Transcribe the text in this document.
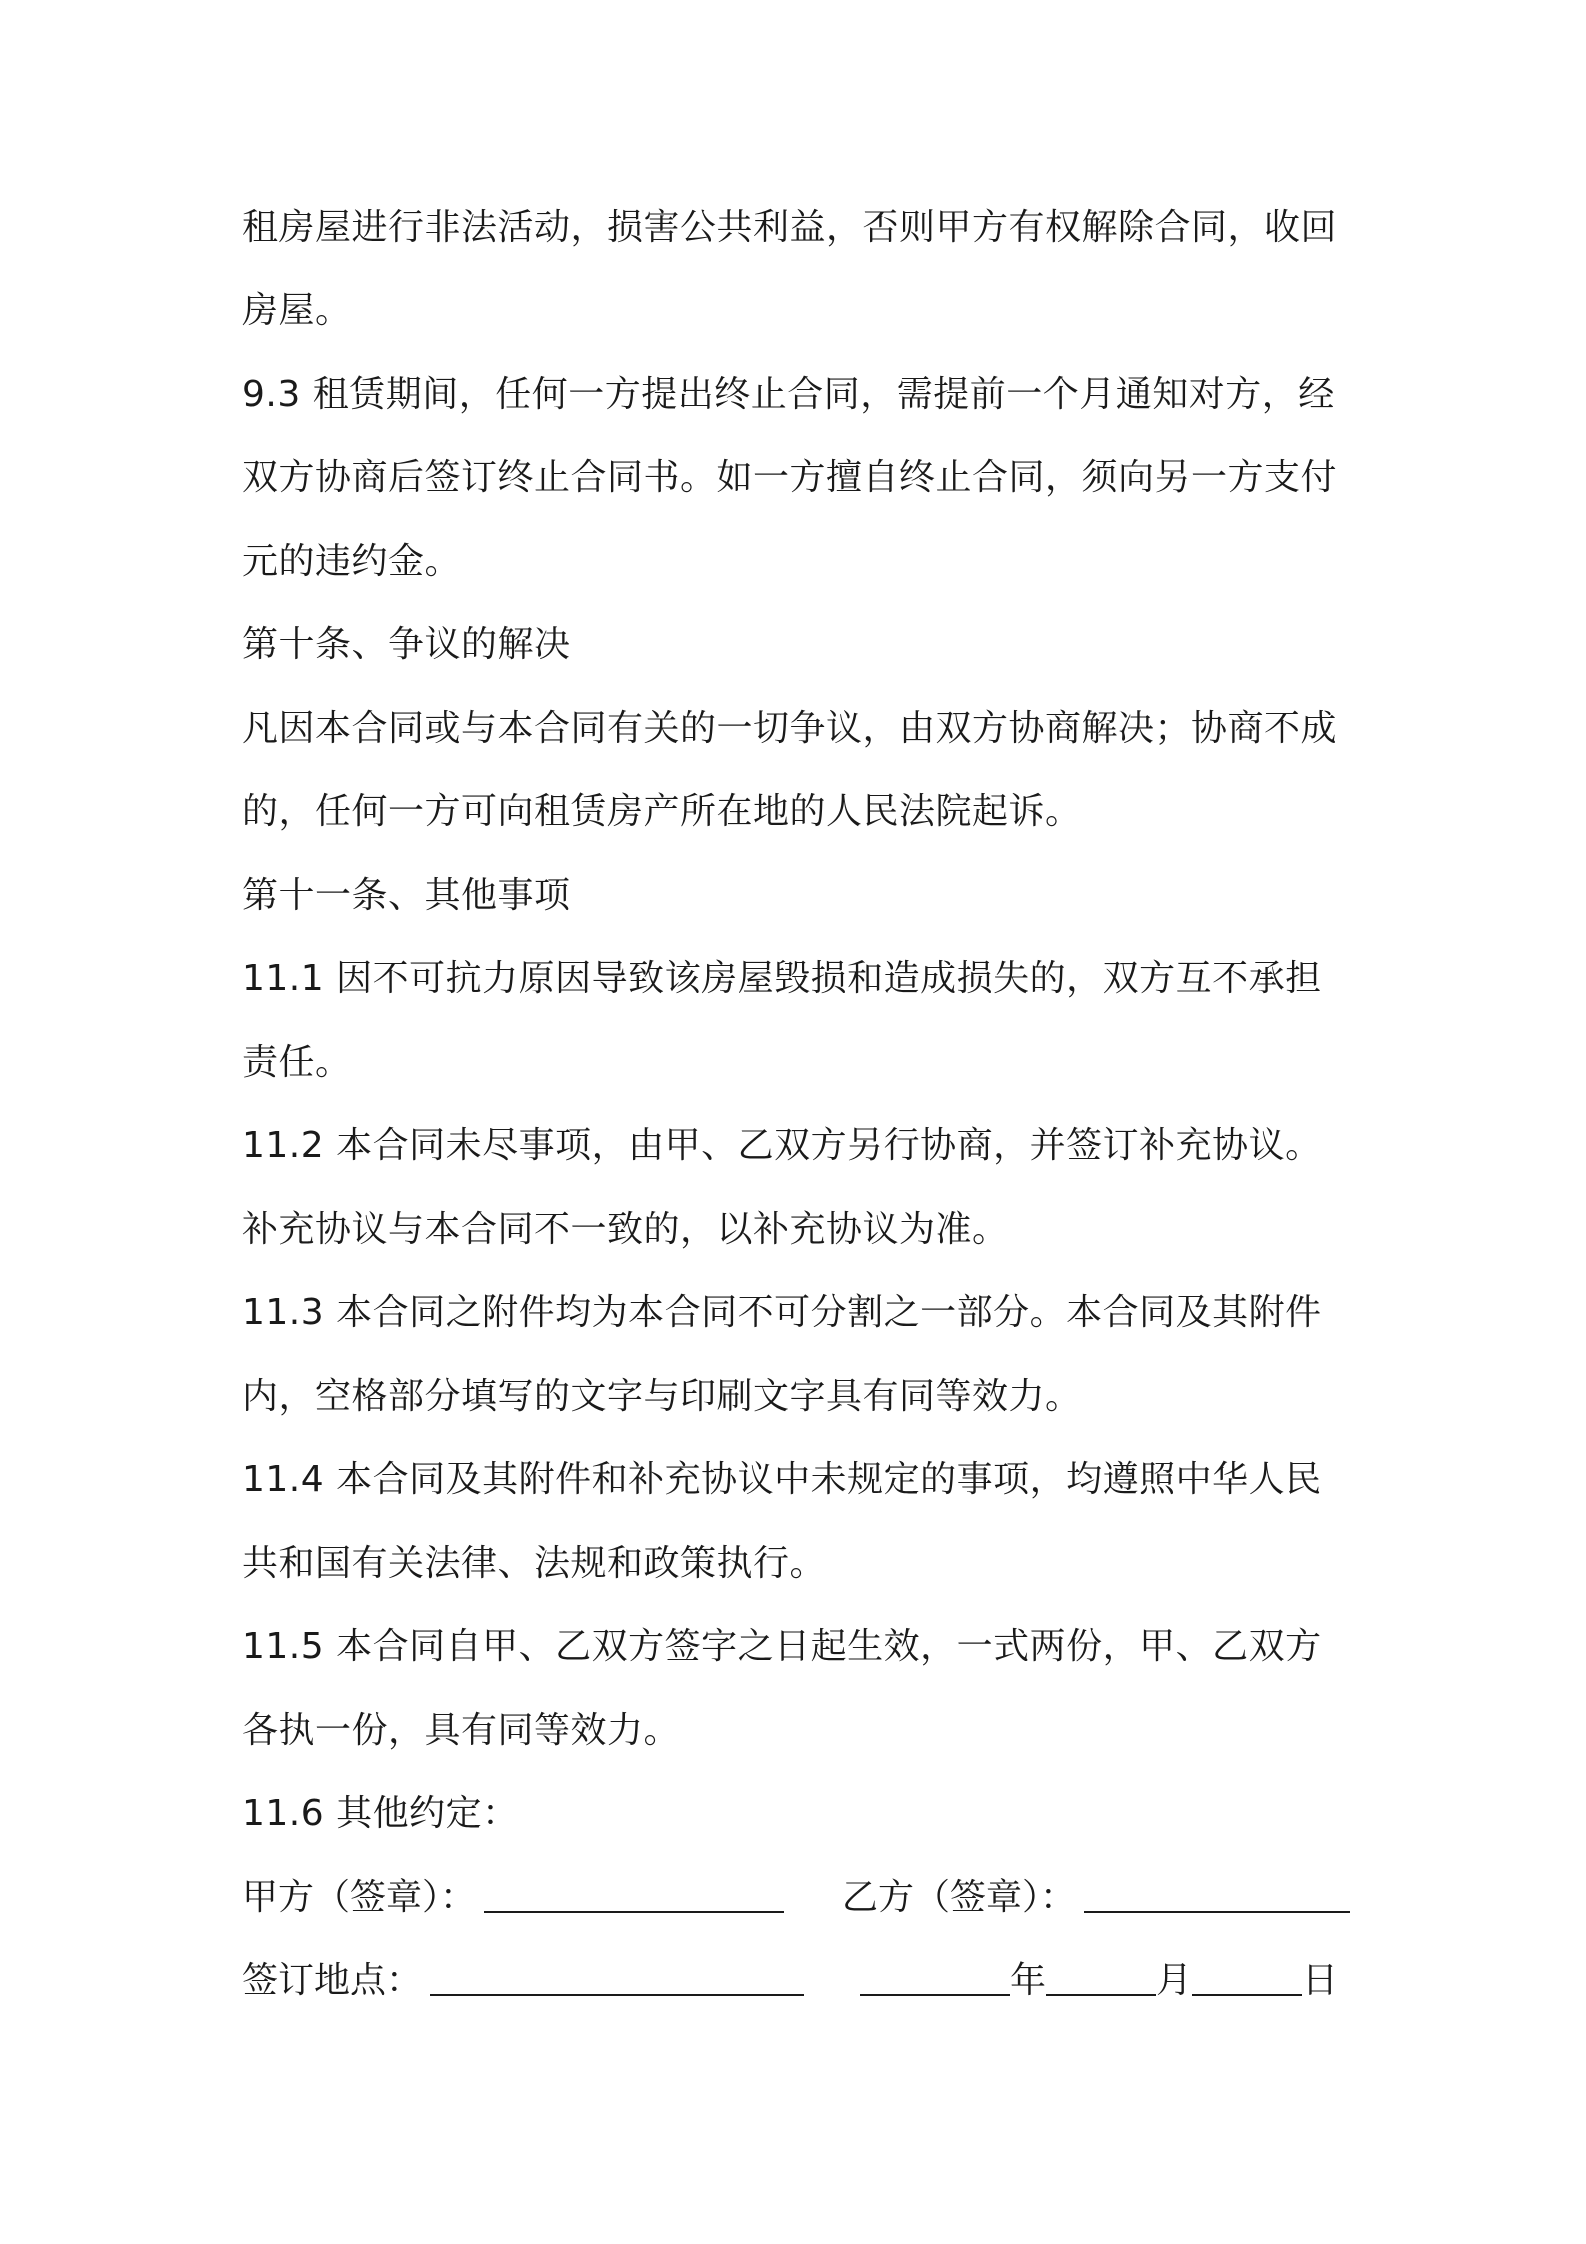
租房屋进行非法活动，损害公共利益，否则甲方有权解除合同，收回
房屋。
9.3 租赁期间，任何一方提出终止合同，需提前一个月通知对方，经
双方协商后签订终止合同书。如一方擅自终止合同，须向另一方支付
元的违约金。
第十条、争议的解决
凡因本合同或与本合同有关的一切争议，由双方协商解决；协商不成
的，任何一方可向租赁房产所在地的人民法院起诉。
第十一条、其他事项
11.1 因不可抗力原因导致该房屋毁损和造成损失的，双方互不承担
责任。
11.2 本合同未尽事项，由甲、乙双方另行协商，并签订补充协议。
补充协议与本合同不一致的，以补充协议为准。
11.3 本合同之附件均为本合同不可分割之一部分。本合同及其附件
内，空格部分填写的文字与印刷文字具有同等效力。
11.4 本合同及其附件和补充协议中未规定的事项，均遵照中华人民
共和国有关法律、法规和政策执行。
11.5 本合同自甲、乙双方签字之日起生效，一式两份，甲、乙双方
各执一份，具有同等效力。
11.6 其他约定：
甲方（签章）：	乙方（签章）：
签订地点：	年	月	日
